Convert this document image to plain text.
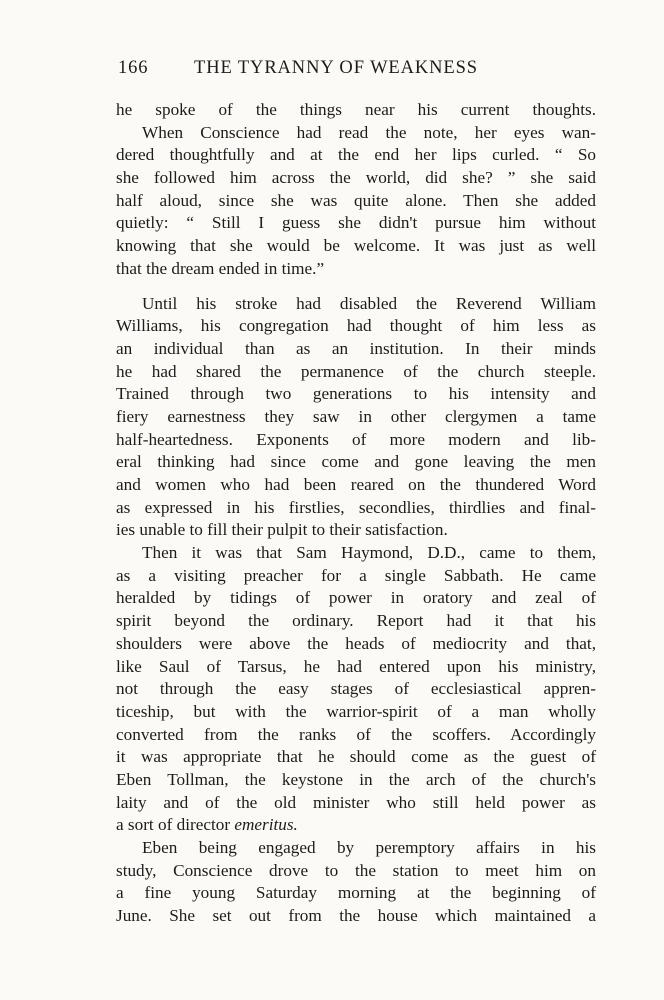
166 THE TYRANNY OF WEAKNESS
he spoke of the things near his current thoughts.
When Conscience had read the note, her eyes wan-
dered thoughtfully and at the end her lips curled. “ So
she followed him across the world, did she? ” she said
half aloud, since she was quite alone. Then she added
quietly: “ Still I guess she didn't pursue him without
knowing that she would be welcome. It was just as well
that the dream ended in time.”
Until his stroke had disabled the Reverend William
Williams, his congregation had thought of him less as
an individual than as an institution. In their minds
he had shared the permanence of the church steeple.
Trained through two generations to his intensity and
fiery earnestness they saw in other clergymen a tame
half-heartedness. Exponents of more modern and lib-
eral thinking had since come and gone leaving the men
and women who had been reared on the thundered Word
as expressed in his firstlies, secondlies, thirdlies and final-
ies unable to fill their pulpit to their satisfaction.
Then it was that Sam Haymond, D.D., came to them,
as a visiting preacher for a single Sabbath. He came
heralded by tidings of power in oratory and zeal of
spirit beyond the ordinary. Report had it that his
shoulders were above the heads of mediocrity and that,
like Saul of Tarsus, he had entered upon his ministry,
not through the easy stages of ecclesiastical appren-
ticeship, but with the warrior-spirit of a man wholly
converted from the ranks of the scoffers. Accordingly
it was appropriate that he should come as the guest of
Eben Tollman, the keystone in the arch of the church's
laity and of the old minister who still held power as
a sort of director emeritus.
Eben being engaged by peremptory affairs in his
study, Conscience drove to the station to meet him on
a fine young Saturday morning at the beginning of
June. She set out from the house which maintained a
